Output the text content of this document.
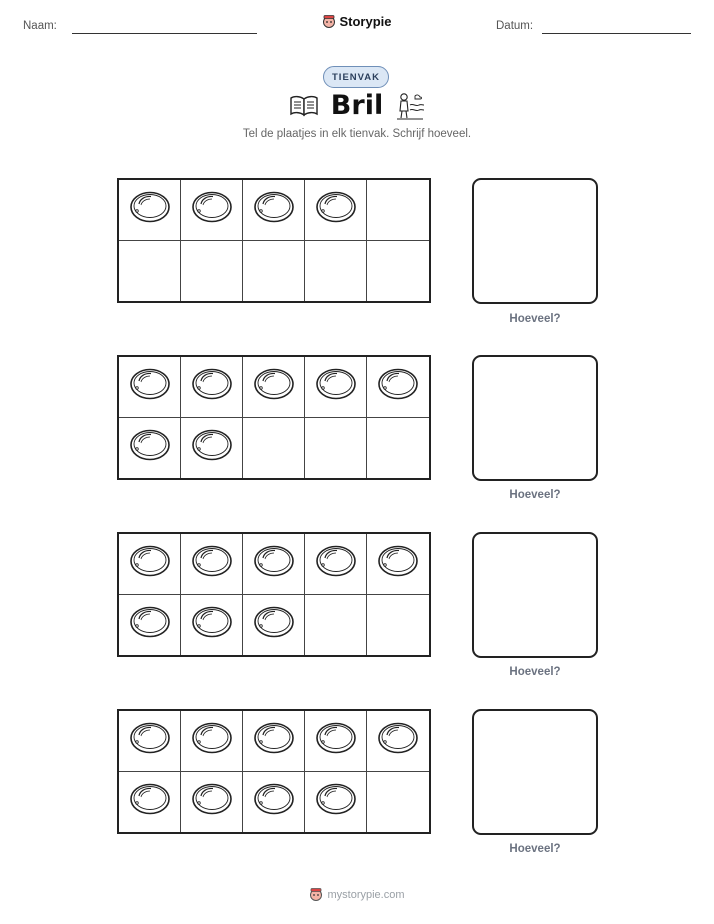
Naam:	Storypie	Datum:
TIENVAK
Bril
Tel de plaatjes in elk tienvak. Schrijf hoeveel.
Hoeveel?
Hoeveel?
Hoeveel?
Hoeveel?
mystorypie.com
